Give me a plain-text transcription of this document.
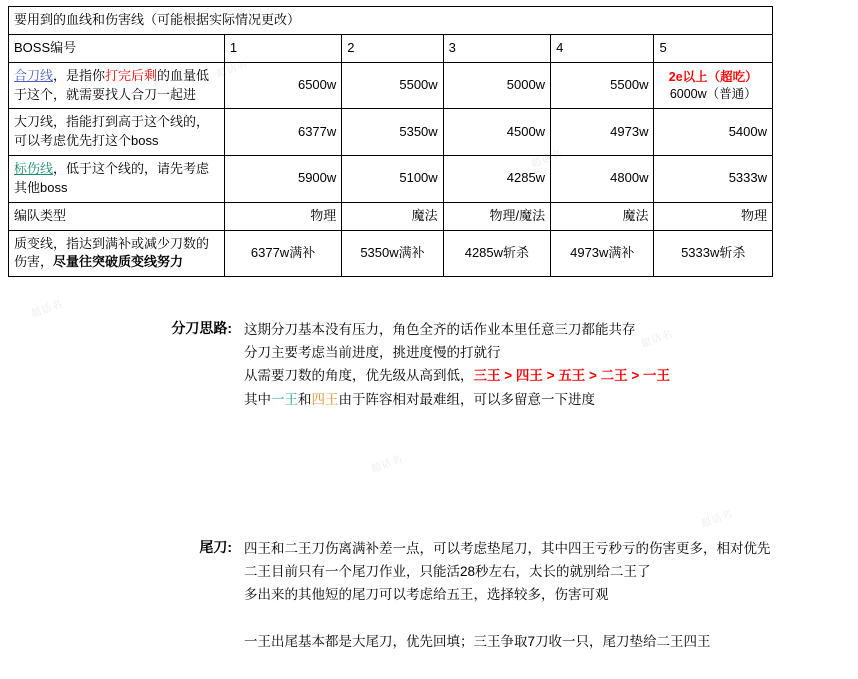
要用到的血线和伤害线（可能根据实际情况更改）					
BOSS编号	1	2	3	4	5
合刀线，是指你打完后剩的血量低于这个，就需要找人合刀一起进	6500w	5500w	5000w	5500w	2e以上（超吃）
6000w（普通）

大刀线，指能打到高于这个线的，可以考虑优先打这个boss	6377w	5350w	4500w	4973w	5400w
标伤线，低于这个线的，请先考虑其他boss	5900w	5100w	4285w	4800w	5333w
编队类型	物理	魔法	物理/魔法	魔法	物理
质变线，指达到满补或减少刀数的伤害，尽量往突破质变线努力	6377w满补	5350w满补	4285w斩杀	4973w满补	5333w斩杀
分刀思路: 这期分刀基本没有压力，角色全齐的话作业本里任意三刀都能共存
分刀主要考虑当前进度，挑进度慢的打就行
从需要刀数的角度，优先级从高到低，三王 > 四王 > 五王 > 二王 > 一王
其中一王和四王由于阵容相对最难组，可以多留意一下进度
尾刀: 四王和二王刀伤离满补差一点，可以考虑垫尾刀，其中四王亏秒亏的伤害更多，相对优先
二王目前只有一个尾刀作业，只能活28秒左右，太长的就别给二王了
多出来的其他短的尾刀可以考虑给五王，选择较多，伤害可观

一王出尾基本都是大尾刀，优先回填；三王争取7刀收一只，尾刀垫给二王四王
超话名
超话名
超话名
超话名
